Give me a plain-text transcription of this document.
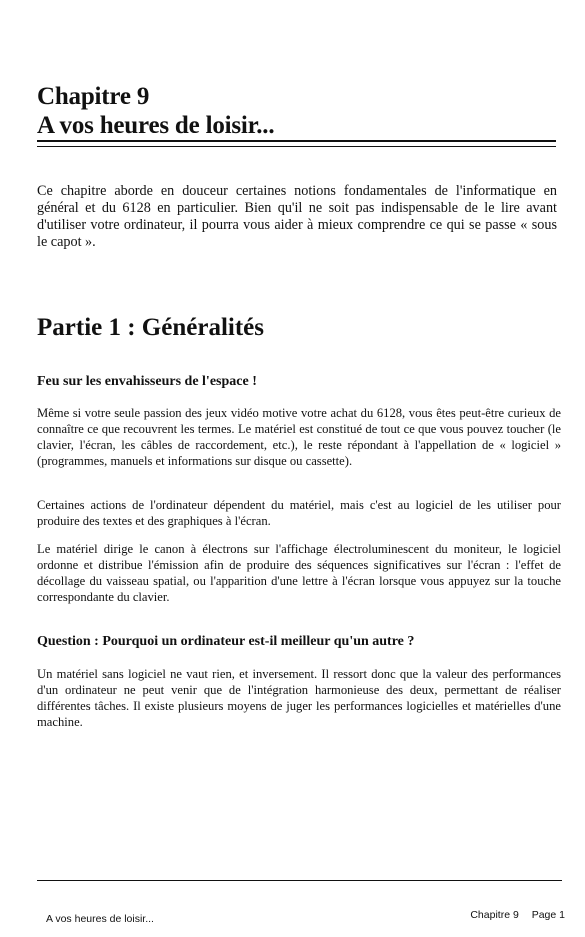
Chapitre 9
A vos heures de loisir...

Ce chapitre aborde en douceur certaines notions fondamentales de l'informatique en général et du 6128 en particulier. Bien qu'il ne soit pas indispensable de le lire avant d'utiliser votre ordinateur, il pourra vous aider à mieux comprendre ce qui se passe « sous le capot ».

Partie 1 : Généralités
Feu sur les envahisseurs de l'espace !

Même si votre seule passion des jeux vidéo motive votre achat du 6128, vous êtes peut-être curieux de connaître ce que recouvrent les termes. Le matériel est constitué de tout ce que vous pouvez toucher (le clavier, l'écran, les câbles de raccordement, etc.), le reste répondant à l'appellation de « logiciel » (programmes, manuels et informations sur disque ou cassette).

Certaines actions de l'ordinateur dépendent du matériel, mais c'est au logiciel de les utiliser pour produire des textes et des graphiques à l'écran.

Le matériel dirige le canon à électrons sur l'affichage électroluminescent du moniteur, le logiciel ordonne et distribue l'émission afin de produire des séquences significatives sur l'écran : l'effet de décollage du vaisseau spatial, ou l'apparition d'une lettre à l'écran lorsque vous appuyez sur la touche correspondante du clavier.

Question : Pourquoi un ordinateur est-il meilleur qu'un autre ?

Un matériel sans logiciel ne vaut rien, et inversement. Il ressort donc que la valeur des performances d'un ordinateur ne peut venir que de l'intégration harmonieuse des deux, permettant de réaliser différentes tâches. Il existe plusieurs moyens de juger les performances logicielles et matérielles d'une machine.

A vos heures de loisir...	Chapitre 9 Page 1
